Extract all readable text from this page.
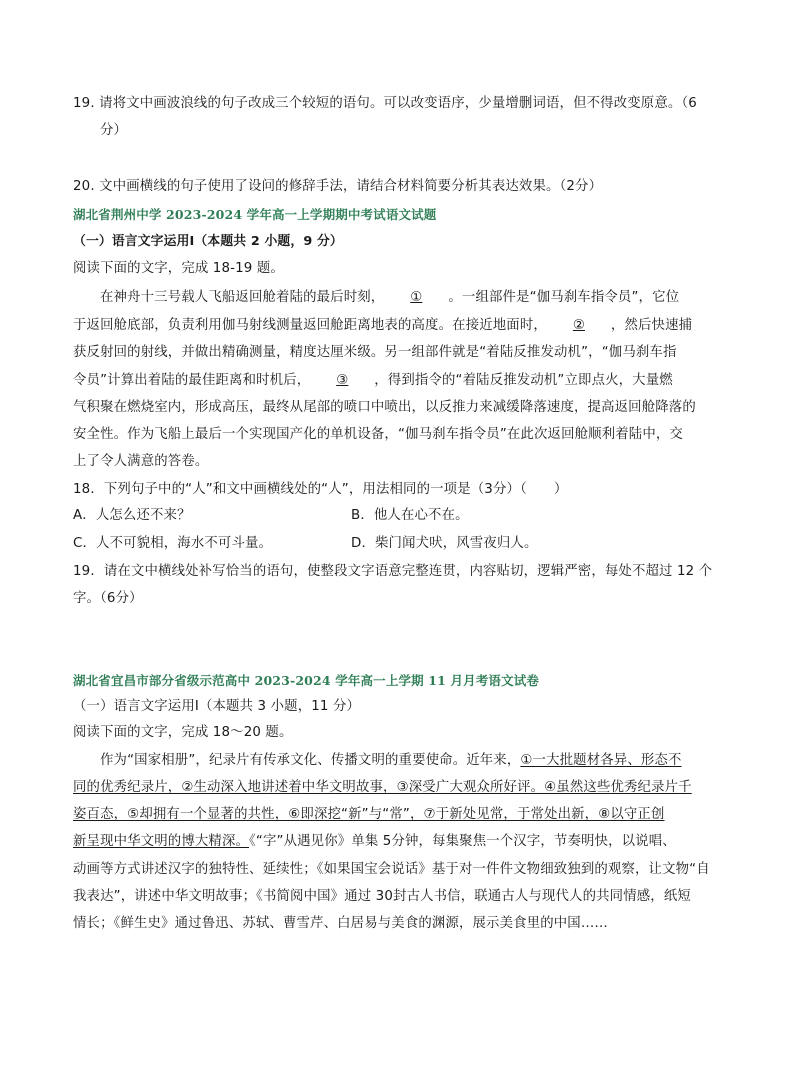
19. 请将文中画波浪线的句子改成三个较短的语句。可以改变语序，少量增删词语，但不得改变原意。（6
分）
20. 文中画横线的句子使用了设问的修辞手法，请结合材料简要分析其表达效果。（2分）
湖北省荆州中学 2023-2024 学年高一上学期期中考试语文试题
（一）语言文字运用Ⅰ（本题共 2 小题，9 分）
阅读下面的文字，完成 18-19 题。
在神舟十三号载人飞船返回舱着陆的最后时刻， ① 。一组部件是“伽马刹车指令员”，它位
于返回舱底部，负责利用伽马射线测量返回舱距离地表的高度。在接近地面时， ② ，然后快速捕
获反射回的射线，并做出精确测量，精度达厘米级。另一组部件就是“着陆反推发动机”，“伽马刹车指
令员”计算出着陆的最佳距离和时机后， ③ ，得到指令的“着陆反推发动机”立即点火，大量燃
气积聚在燃烧室内，形成高压，最终从尾部的喷口中喷出，以反推力来减缓降落速度，提高返回舱降落的
安全性。作为飞船上最后一个实现国产化的单机设备，“伽马刹车指令员”在此次返回舱顺利着陆中，交
上了令人满意的答卷。
18．下列句子中的“人”和文中画横线处的“人”，用法相同的一项是（3分）（　　）
A．人怎么还不来？	B．他人在心不在。
C．人不可貌相，海水不可斗量。	D．柴门闻犬吠，风雪夜归人。
19．请在文中横线处补写恰当的语句，使整段文字语意完整连贯，内容贴切，逻辑严密，每处不超过 12 个
字。（6分）
湖北省宜昌市部分省级示范高中 2023-2024 学年高一上学期 11 月月考语文试卷
（一）语言文字运用Ⅰ（本题共 3 小题，11 分）
阅读下面的文字，完成 18～20 题。
作为“国家相册”，纪录片有传承文化、传播文明的重要使命。近年来，①一大批题材各异、形态不
同的优秀纪录片，②生动深入地讲述着中华文明故事，③深受广大观众所好评。④虽然这些优秀纪录片千
姿百态，⑤却拥有一个显著的共性，⑥即深挖“新”与“常”，⑦于新处见常，于常处出新，⑧以守正创
新呈现中华文明的博大精深。《“字”从遇见你》单集 5分钟，每集聚焦一个汉字，节奏明快，以说唱、
动画等方式讲述汉字的独特性、延续性；《如果国宝会说话》基于对一件件文物细致独到的观察，让文物“自
我表达”，讲述中华文明故事；《书简阅中国》通过 30封古人书信，联通古人与现代人的共同情感，纸短
情长；《鲜生史》通过鲁迅、苏轼、曹雪芹、白居易与美食的渊源，展示美食里的中国……
